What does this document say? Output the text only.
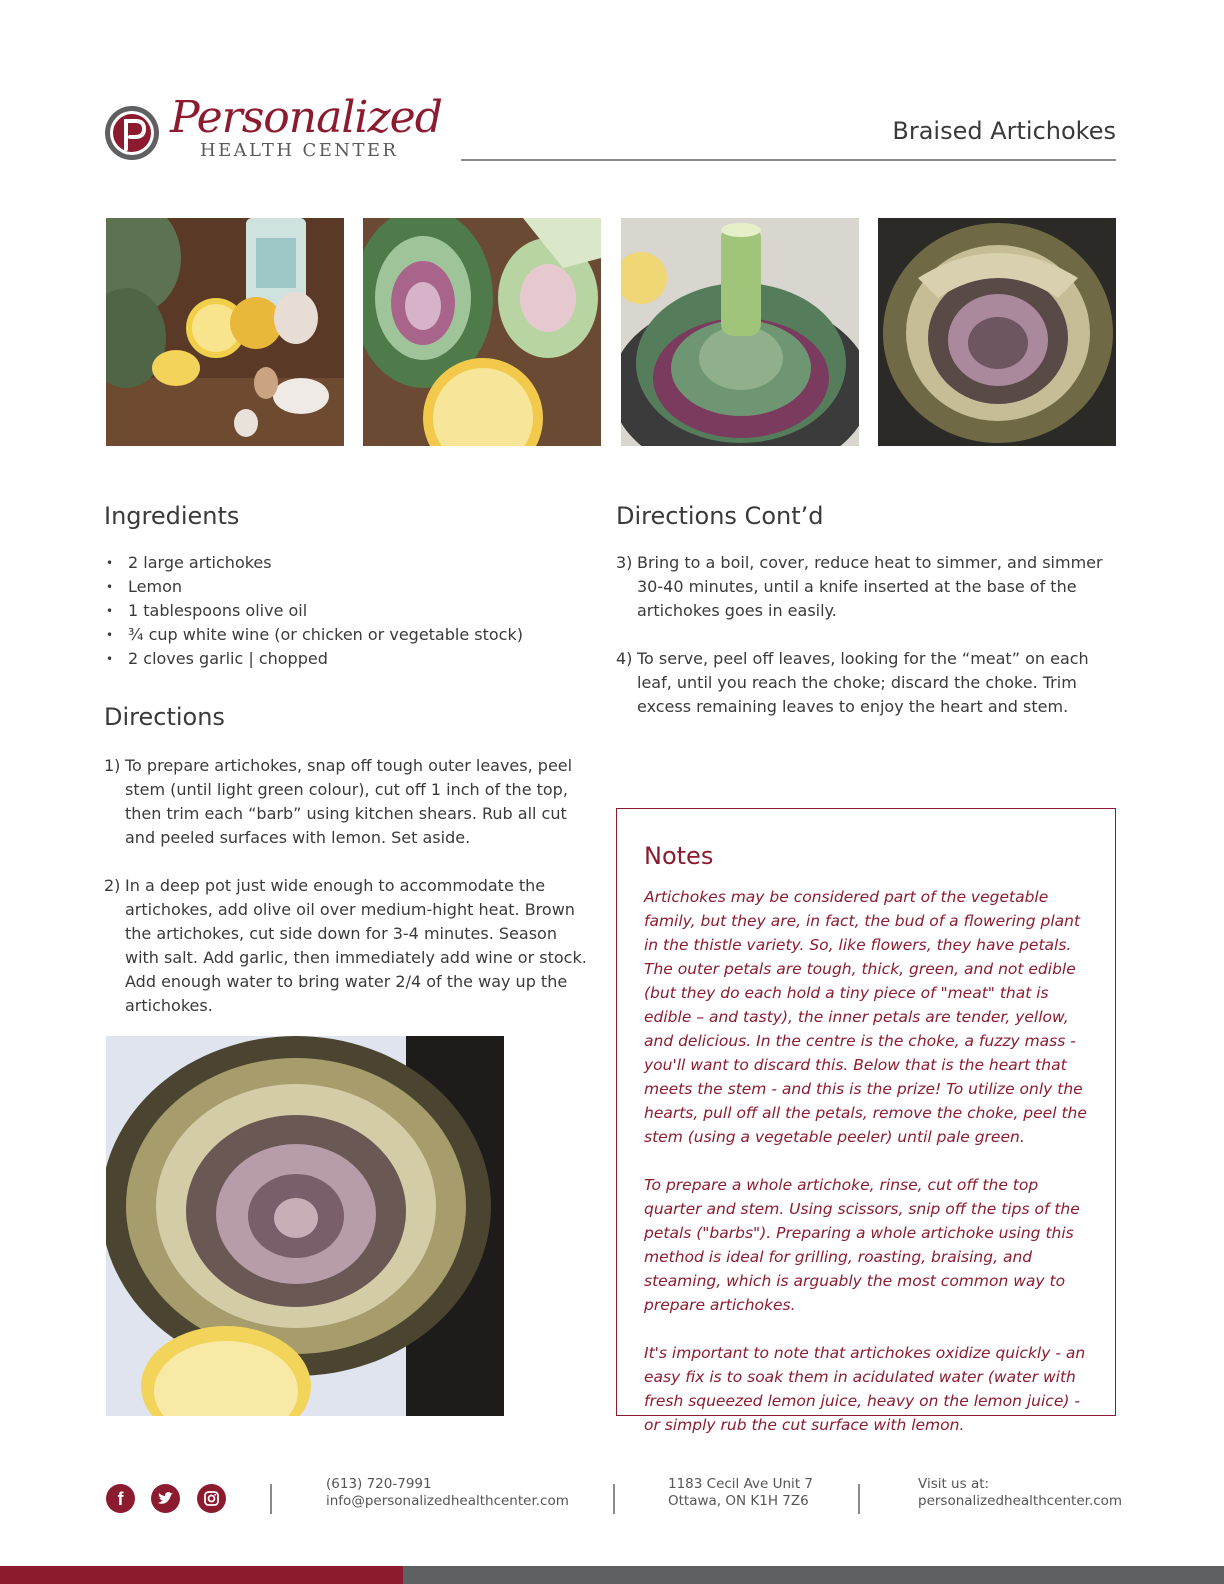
Personalized
HEALTH CENTER
Braised Artichokes
Ingredients
• 2 large artichokes
• Lemon
• 1 tablespoons olive oil
• ¾ cup white wine (or chicken or vegetable stock)
• 2 cloves garlic | chopped
Directions
1) To prepare artichokes, snap off tough outer leaves, peel stem (until light green colour), cut off 1 inch of the top, then trim each “barb” using kitchen shears. Rub all cut and peeled surfaces with lemon. Set aside.
2) In a deep pot just wide enough to accommodate the artichokes, add olive oil over medium-hight heat. Brown the artichokes, cut side down for 3-4 minutes. Season with salt. Add garlic, then immediately add wine or stock. Add enough water to bring water 2/4 of the way up the artichokes.
Directions Cont’d
3) Bring to a boil, cover, reduce heat to simmer, and simmer 30-40 minutes, until a knife inserted at the base of the artichokes goes in easily.
4) To serve, peel off leaves, looking for the “meat” on each leaf, until you reach the choke; discard the choke. Trim excess remaining leaves to enjoy the heart and stem.
Notes

Artichokes may be considered part of the vegetable family, but they are, in fact, the bud of a flowering plant in the thistle variety. So, like flowers, they have petals. The outer petals are tough, thick, green, and not edible (but they do each hold a tiny piece of "meat" that is edible – and tasty), the inner petals are tender, yellow, and delicious. In the centre is the choke, a fuzzy mass - you'll want to discard this. Below that is the heart that meets the stem - and this is the prize! To utilize only the hearts, pull off all the petals, remove the choke, peel the stem (using a vegetable peeler) until pale green.

To prepare a whole artichoke, rinse, cut off the top quarter and stem. Using scissors, snip off the tips of the petals ("barbs"). Preparing a whole artichoke using this method is ideal for grilling, roasting, braising, and steaming, which is arguably the most common way to prepare artichokes.

It's important to note that artichokes oxidize quickly - an easy fix is to soak them in acidulated water (water with fresh squeezed lemon juice, heavy on the lemon juice) - or simply rub the cut surface with lemon.

f
(613) 720-7991
info@personalizedhealthcenter.com
1183 Cecil Ave Unit 7
Ottawa, ON K1H 7Z6
Visit us at:
personalizedhealthcenter.com
